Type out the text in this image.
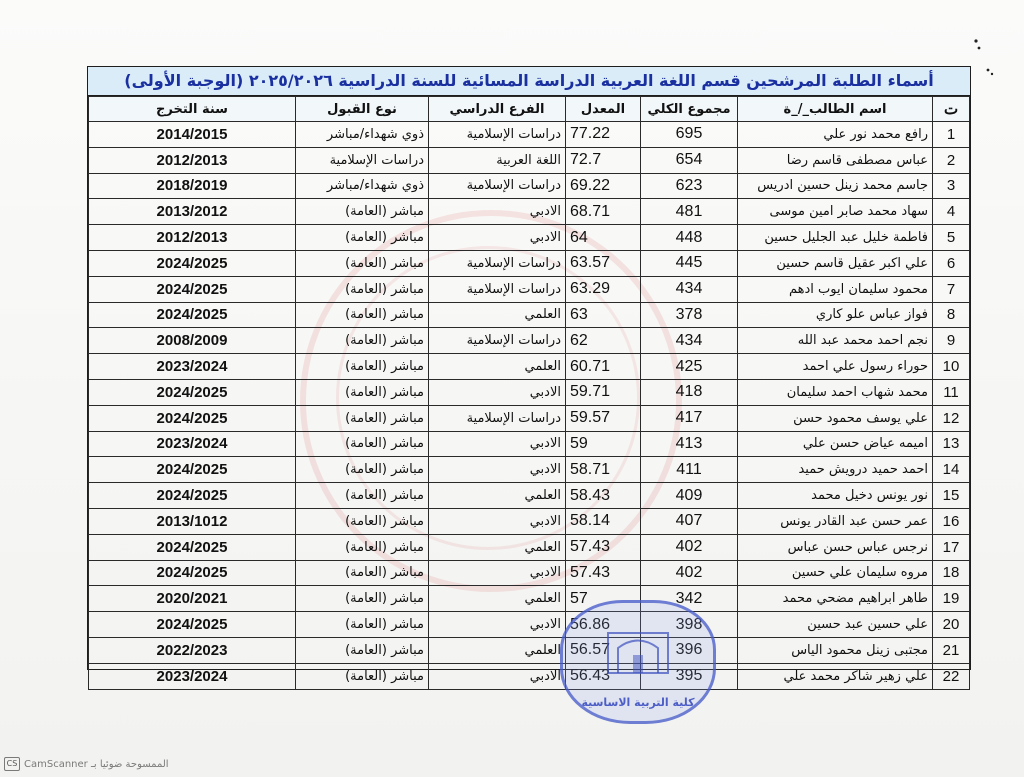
أسماء الطلبة المرشحين قسم اللغة العربية الدراسة المسائية للسنة الدراسية ٢٠٢٥/٢٠٢٦ (الوجبة الأولى)
ت	اسم الطالب_/_ة	مجموع الكلي	المعدل	الفرع الدراسي	نوع القبول	سنة التخرج
1	رافع محمد نور علي	695	77.22	دراسات الإسلامية	ذوي شهداء/مباشر	2014/2015
2	عباس مصطفى قاسم رضا	654	72.7	اللغة العربية	دراسات الإسلامية	2012/2013
3	جاسم محمد زينل حسين ادريس	623	69.22	دراسات الإسلامية	ذوي شهداء/مباشر	2018/2019
4	سهاد محمد صابر امين موسى	481	68.71	الادبي	مباشر (العامة)	2013/2012
5	فاطمة خليل عبد الجليل حسين	448	64	الادبي	مباشر (العامة)	2012/2013
6	علي اكبر عقيل قاسم حسين	445	63.57	دراسات الإسلامية	مباشر (العامة)	2024/2025
7	محمود سليمان ايوب ادهم	434	63.29	دراسات الإسلامية	مباشر (العامة)	2024/2025
8	فواز عباس علو كاري	378	63	العلمي	مباشر (العامة)	2024/2025
9	نجم احمد محمد عبد الله	434	62	دراسات الإسلامية	مباشر (العامة)	2008/2009
10	حوراء رسول علي احمد	425	60.71	العلمي	مباشر (العامة)	2023/2024
11	محمد شهاب احمد سليمان	418	59.71	الادبي	مباشر (العامة)	2024/2025
12	علي يوسف محمود حسن	417	59.57	دراسات الإسلامية	مباشر (العامة)	2024/2025
13	اميمه عياض حسن علي	413	59	الادبي	مباشر (العامة)	2023/2024
14	احمد حميد درويش حميد	411	58.71	الادبي	مباشر (العامة)	2024/2025
15	نور يونس دخيل محمد	409	58.43	العلمي	مباشر (العامة)	2024/2025
16	عمر حسن عبد القادر يونس	407	58.14	الادبي	مباشر (العامة)	2013/1012
17	نرجس عباس حسن عباس	402	57.43	العلمي	مباشر (العامة)	2024/2025
18	مروه سليمان علي حسين	402	57.43	الادبي	مباشر (العامة)	2024/2025
19	طاهر ابراهيم مضحي محمد	342	57	العلمي	مباشر (العامة)	2020/2021
20	علي حسين عبد حسين	398	56.86	الادبي	مباشر (العامة)	2024/2025
21	مجتبى زينل محمود الياس	396	56.57	العلمي	مباشر (العامة)	2022/2023
22	علي زهير شاكر محمد علي	395	56.43	الادبي	مباشر (العامة)	2023/2024
كلية التربية الاساسية
CS CamScanner الممسوحة ضوئيا بـ
